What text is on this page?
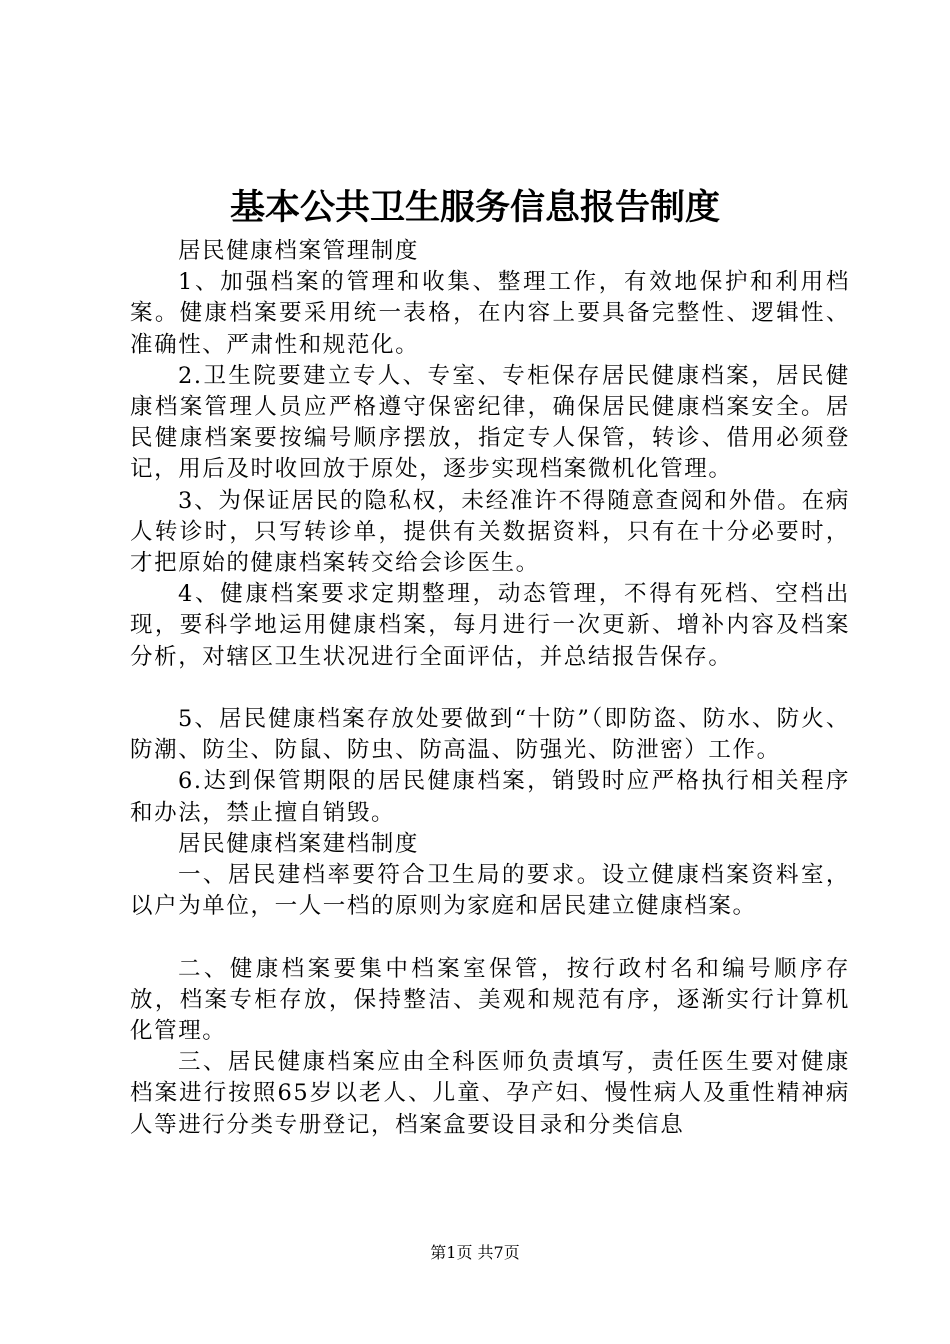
基本公共卫生服务信息报告制度

居民健康档案管理制度

1、加强档案的管理和收集、整理工作，有效地保护和利用档案。健康档案要采用统一表格，在内容上要具备完整性、逻辑性、准确性、严肃性和规范化。

2.卫生院要建立专人、专室、专柜保存居民健康档案，居民健康档案管理人员应严格遵守保密纪律，确保居民健康档案安全。居民健康档案要按编号顺序摆放，指定专人保管，转诊、借用必须登记，用后及时收回放于原处，逐步实现档案微机化管理。

3、为保证居民的隐私权，未经准许不得随意查阅和外借。在病人转诊时，只写转诊单，提供有关数据资料，只有在十分必要时，才把原始的健康档案转交给会诊医生。

4、健康档案要求定期整理，动态管理，不得有死档、空档出现，要科学地运用健康档案，每月进行一次更新、增补内容及档案分析，对辖区卫生状况进行全面评估，并总结报告保存。

5、居民健康档案存放处要做到“十防”（即防盗、防水、防火、防潮、防尘、防鼠、防虫、防高温、防强光、防泄密）工作。

6.达到保管期限的居民健康档案，销毁时应严格执行相关程序和办法，禁止擅自销毁。

居民健康档案建档制度

一、居民建档率要符合卫生局的要求。设立健康档案资料室，以户为单位，一人一档的原则为家庭和居民建立健康档案。

二、健康档案要集中档案室保管，按行政村名和编号顺序存放，档案专柜存放，保持整洁、美观和规范有序，逐渐实行计算机化管理。

三、居民健康档案应由全科医师负责填写，责任医生要对健康档案进行按照65岁以老人、儿童、孕产妇、慢性病人及重性精神病人等进行分类专册登记，档案盒要设目录和分类信息

第1页 共7页
